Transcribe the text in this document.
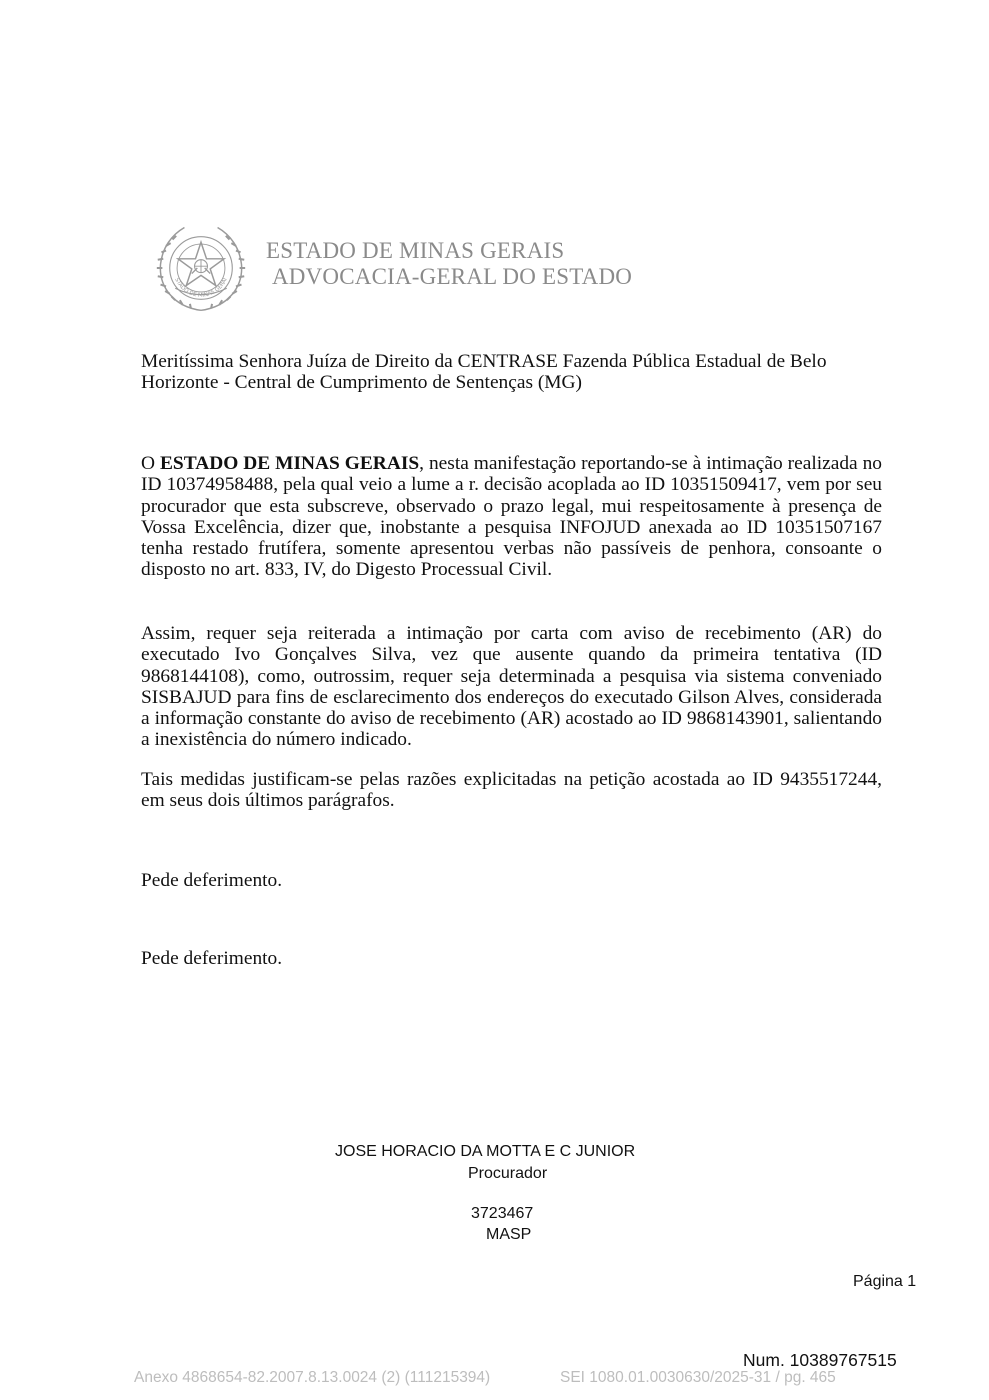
STADO DE MINAS GERAI
ESTADO DE MINAS GERAIS
ADVOCACIA-GERAL DO ESTADO
Meritíssima Senhora Juíza de Direito da CENTRASE Fazenda Pública Estadual de Belo Horizonte - Central de Cumprimento de Sentenças (MG)
O ESTADO DE MINAS GERAIS, nesta manifestação reportando-se à intimação realizada no ID 10374958488, pela qual veio a lume a r. decisão acoplada ao ID 10351509417, vem por seu procurador que esta subscreve, observado o prazo legal, mui respeitosamente à presença de Vossa Excelência, dizer que, inobstante a pesquisa INFOJUD anexada ao ID 10351507167 tenha restado frutífera, somente apresentou verbas não passíveis de penhora, consoante o disposto no art. 833, IV, do Digesto Processual Civil.
Assim, requer seja reiterada a intimação por carta com aviso de recebimento (AR) do executado Ivo Gonçalves Silva, vez que ausente quando da primeira tentativa (ID 9868144108), como, outrossim, requer seja determinada a pesquisa via sistema conveniado SISBAJUD para fins de esclarecimento dos endereços do executado Gilson Alves, considerada a informação constante do aviso de recebimento (AR) acostado ao ID 9868143901, salientando a inexistência do número indicado.
Tais medidas justificam-se pelas razões explicitadas na petição acostada ao ID 9435517244, em seus dois últimos parágrafos.
Pede deferimento.
Pede deferimento.
JOSE HORACIO DA MOTTA E C JUNIOR
Procurador
3723467
MASP
Página 1
Num. 10389767515
Anexo 4868654-82.2007.8.13.0024 (2) (111215394)	SEI 1080.01.0030630/2025-31 / pg. 465
